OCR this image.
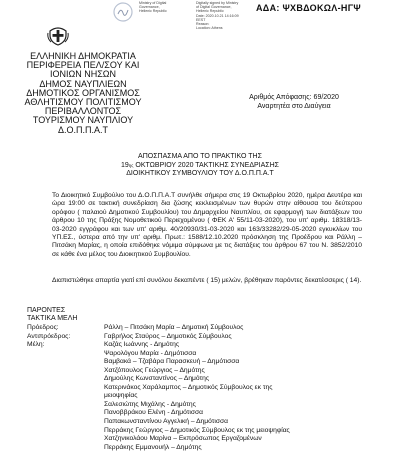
ΑΔΑ: ΨΧΒΔΟΚΩΛ-ΗΓΨ
Ministry of Digital
Governance,
Hellenic Republic
Digitally signed by Ministry
of Digital Governance,
Hellenic Republic
Date: 2020.10.21 14:16:09
EEST
Reason:
Location: Athens
ΕΛΛΗΝΙΚΗ ΔΗΜΟΚΡΑΤΙΑ
ΠΕΡΙΦΕΡΕΙΑ ΠΕΛ/ΣΟΥ ΚΑΙ
ΙΟΝΙΩΝ ΝΗΣΩΝ
ΔΗΜΟΣ ΝΑΥΠΛΙΕΩΝ
ΔΗΜΟΤΙΚΟΣ ΟΡΓΑΝΙΣΜΟΣ
ΑΘΛΗΤΙΣΜΟΥ ΠΟΛΙΤΙΣΜΟΥ
ΠΕΡΙΒΑΛΛΟΝΤΟΣ
ΤΟΥΡΙΣΜΟΥ ΝΑΥΠΛΙΟΥ
Δ.Ο.Π.Π.Α.Τ
Αριθμός Απόφασης: 69/2020
Αναρτητέα στο Διαύγεια
ΑΠΟΣΠΑΣΜΑ ΑΠΟ ΤΟ ΠΡΑΚΤΙΚΟ ΤΗΣ
$19^{\eta\varsigma}$ ΟΚΤΩΒΡΙΟΥ 2020 ΤΑΚΤΙΚΗΣ ΣΥΝΕΔΡΙΑΣΗΣ
ΔΙΟΙΚΗΤΙΚΟΥ ΣΥΜΒΟΥΛΙΟΥ ΤΟΥ Δ.Ο.Π.Π.Α.Τ
Το Διοικητικό Συμβούλιο του Δ.Ο.Π.Π.Α.Τ συνήλθε σήμερα στις 19 Οκτωβρίου 2020, ημέρα Δευτέρα και ώρα 19:00 σε τακτική συνεδρίαση δια ζώσης κεκλεισμένων των θυρών στην αίθουσα του δεύτερου ορόφου ( παλαιού Δημοτικού Συμβουλίου) του Δημαρχείου Ναυπλίου, σε εφαρμογή των διατάξεων του άρθρου 10 της Πράξης Νομοθετικού Περιεχομένου ( ΦΕΚ Α' 55/11-03-2020), του υπ' αριθμ. 18318/13-03-2020 εγγράφου και των υπ' αριθμ. 40/20930/31-03-2020 και 163/33282/29-05-2020 εγκυκλίων του ΥΠ.ΕΣ., ύστερα από την υπ' αριθμ. Πρωτ.: 1588/12.10.2020 πρόσκληση της Προέδρου και Ράλλη – Πιτσάκη Μαρίας, η οποία επιδόθηκε νόμιμα σύμφωνα με τις διατάξεις του άρθρου 67 του Ν. 3852/2010 σε κάθε ένα μέλος του Διοικητικού Συμβουλίου.
Διαπιστώθηκε απαρτία γιατί επί συνόλου δεκαπέντε ( 15) μελών, βρέθηκαν παρόντες δεκατέσσερις ( 14).
ΠΑΡΟΝΤΕΣ
ΤΑΚΤΙΚΑ ΜΕΛΗ
Πρόεδρος:	Ράλλη – Πιτσάκη Μαρία – Δημοτική Σύμβουλος
Αντιπρόεδρος:	Γαβρήλος Σταύρος – Δημοτικός Σύμβουλος
Μέλη:	Καζάς Ιωάννης - Δημότης
Ψαρολόγου Μαρία - Δημότισσα
Βαμβακά – Τζαβάρα Παρασκευή – Δημότισσα
Χατζόπουλος Γεώργιος – Δημότης
Δημούλης Κωνσταντίνος – Δημότης
Κατερινάκος Χαράλαμπος – Δημοτικός Σύμβουλος εκ της
μειοψηφίας
Σαλεσιώτης Μιχάλης - Δημότης
Πανοββράκου Ελένη - Δημότισσα
Παπακωνσταντίνου Αγγελική – Δημότισσα
Περράκης Γεώργιος – Δημοτικός Σύμβουλος εκ της μειοψηφίας
Χατζηνικολάου Μαρίνα – Εκπρόσωπος Εργαζομένων
Περράκης Εμμανουήλ – Δημότης
